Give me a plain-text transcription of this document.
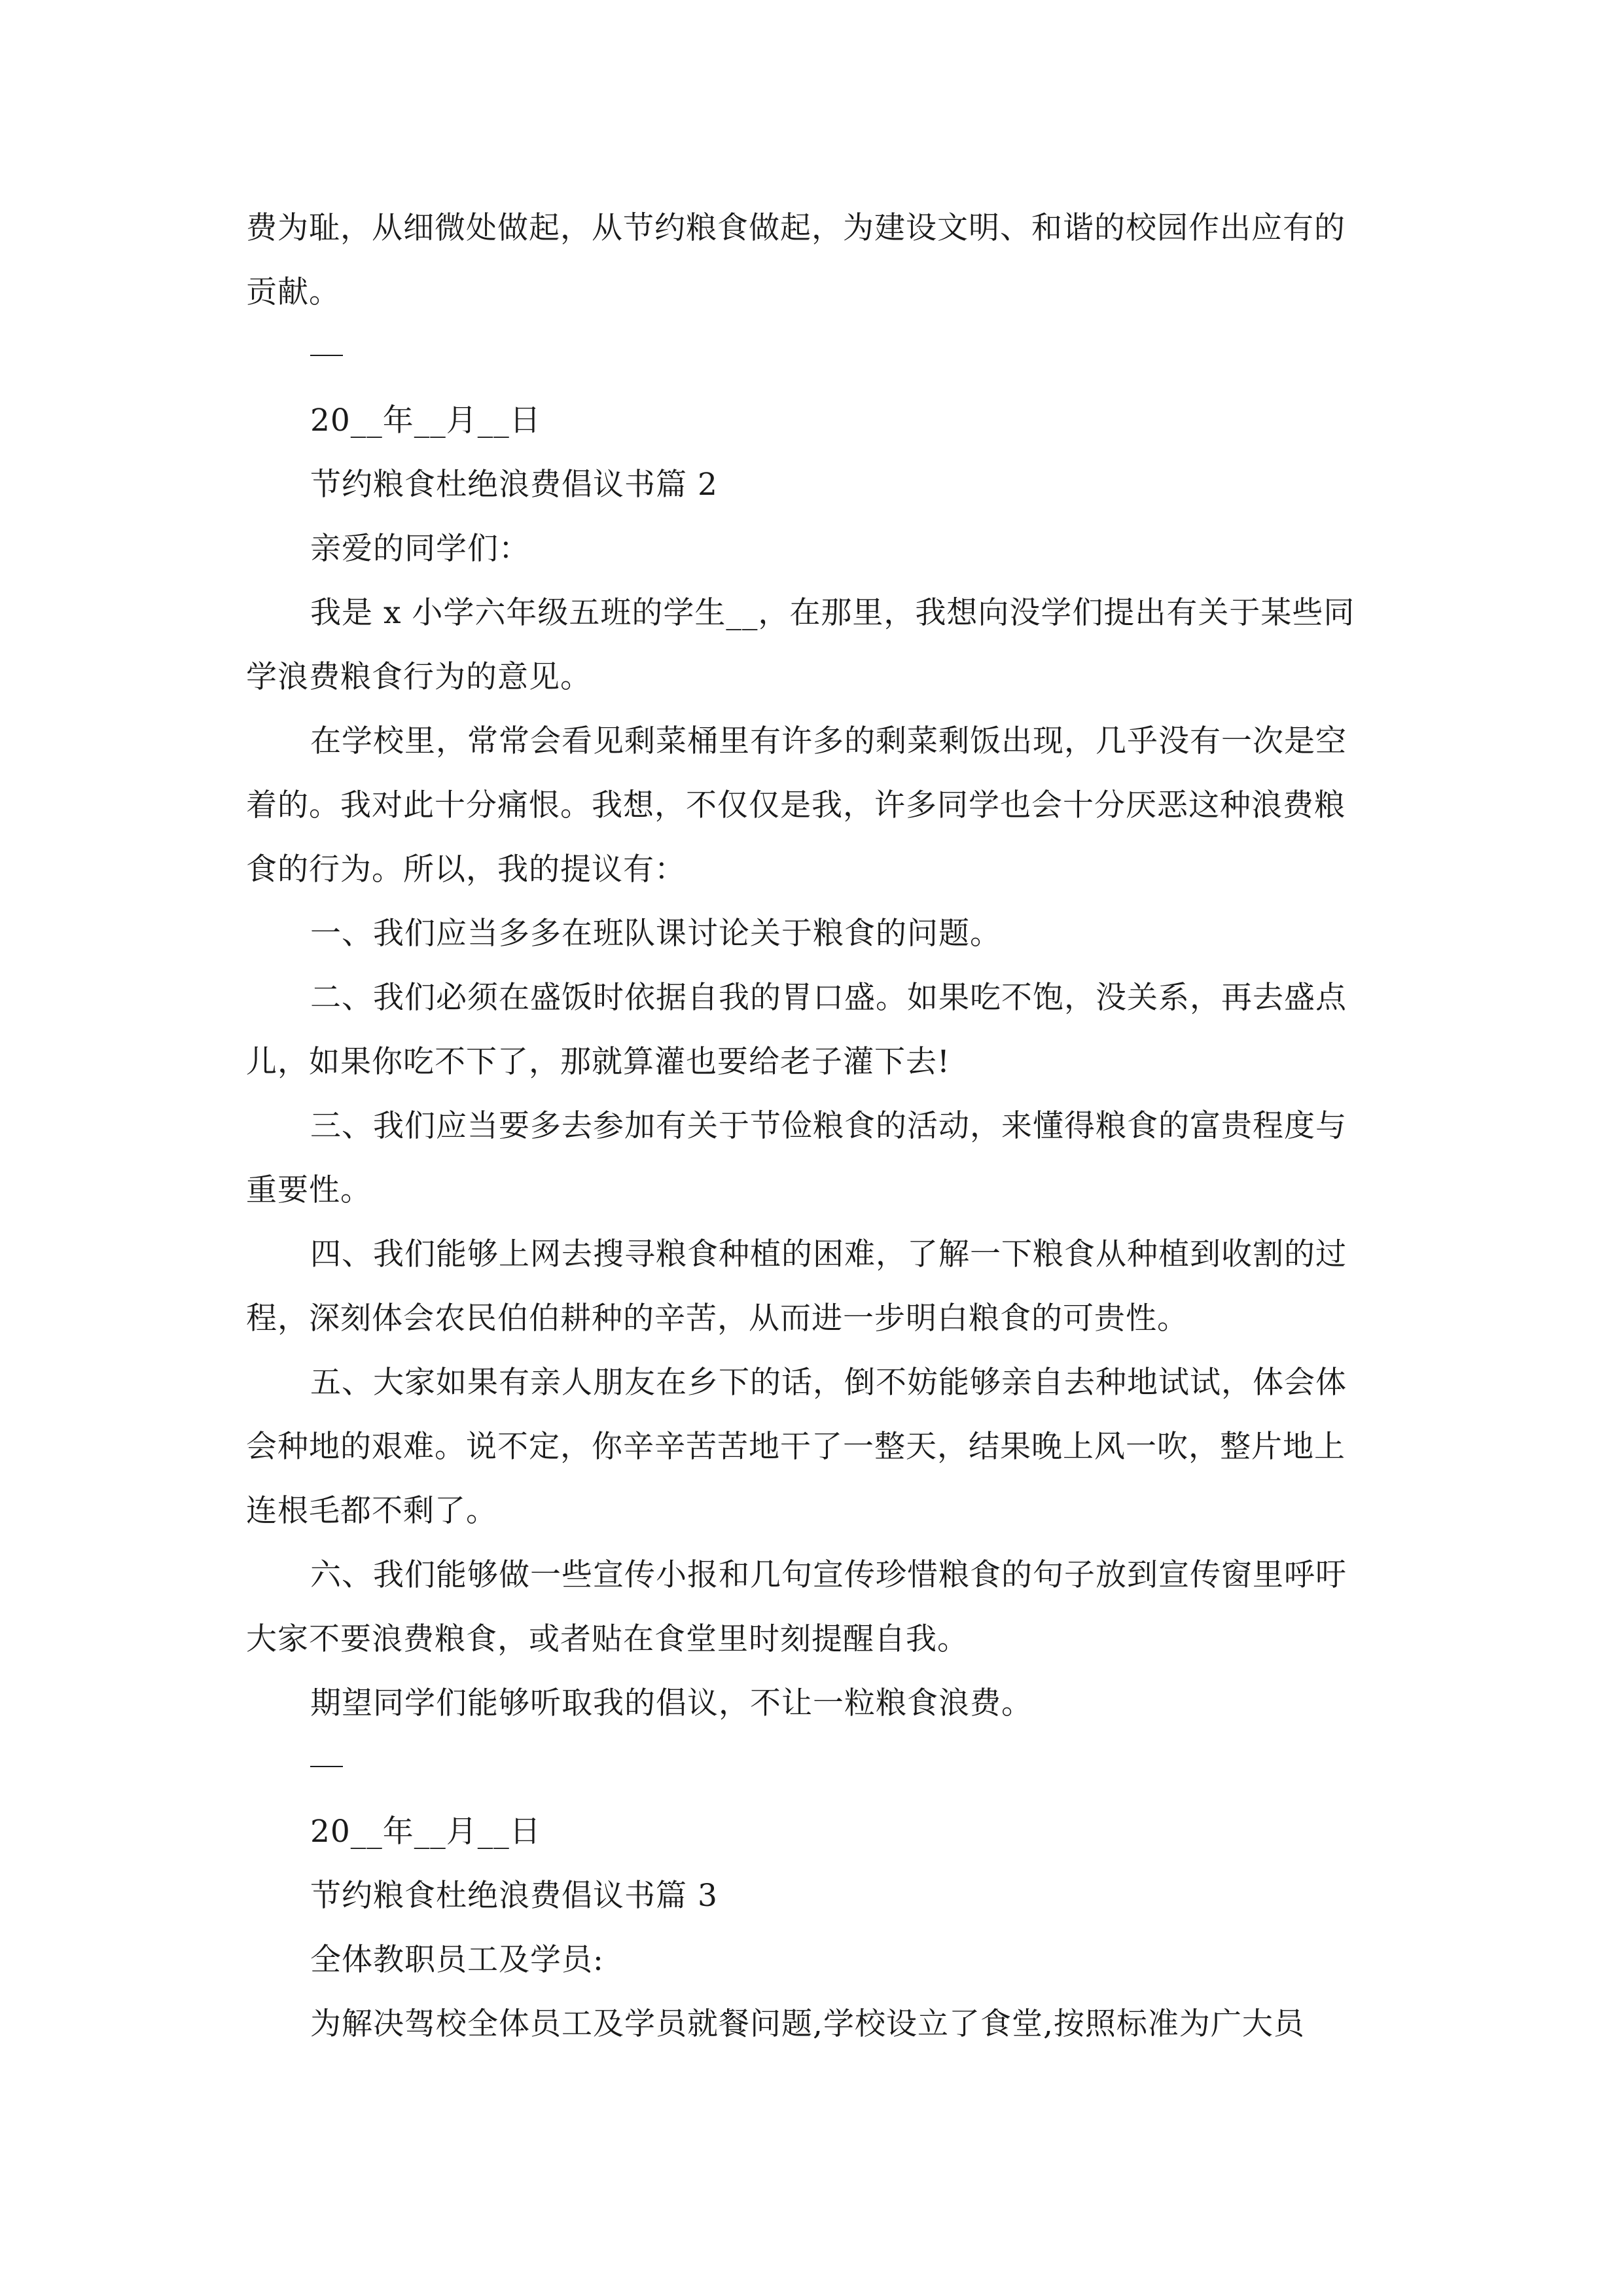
费为耻，从细微处做起，从节约粮食做起，为建设文明、和谐的校园作出应有的
贡献。
20__年__月__日
节约粮食杜绝浪费倡议书篇 2
亲爱的同学们：
我是 x 小学六年级五班的学生__，在那里，我想向没学们提出有关于某些同
学浪费粮食行为的意见。
在学校里，常常会看见剩菜桶里有许多的剩菜剩饭出现，几乎没有一次是空
着的。我对此十分痛恨。我想，不仅仅是我，许多同学也会十分厌恶这种浪费粮
食的行为。所以，我的提议有：
一、我们应当多多在班队课讨论关于粮食的问题。
二、我们必须在盛饭时依据自我的胃口盛。如果吃不饱，没关系，再去盛点
儿，如果你吃不下了，那就算灌也要给老子灌下去!
三、我们应当要多去参加有关于节俭粮食的活动，来懂得粮食的富贵程度与
重要性。
四、我们能够上网去搜寻粮食种植的困难，了解一下粮食从种植到收割的过
程，深刻体会农民伯伯耕种的辛苦，从而进一步明白粮食的可贵性。
五、大家如果有亲人朋友在乡下的话，倒不妨能够亲自去种地试试，体会体
会种地的艰难。说不定，你辛辛苦苦地干了一整天，结果晚上风一吹，整片地上
连根毛都不剩了。
六、我们能够做一些宣传小报和几句宣传珍惜粮食的句子放到宣传窗里呼吁
大家不要浪费粮食，或者贴在食堂里时刻提醒自我。
期望同学们能够听取我的倡议，不让一粒粮食浪费。
20__年__月__日
节约粮食杜绝浪费倡议书篇 3
全体教职员工及学员:
为解决驾校全体员工及学员就餐问题,学校设立了食堂,按照标准为广大员
